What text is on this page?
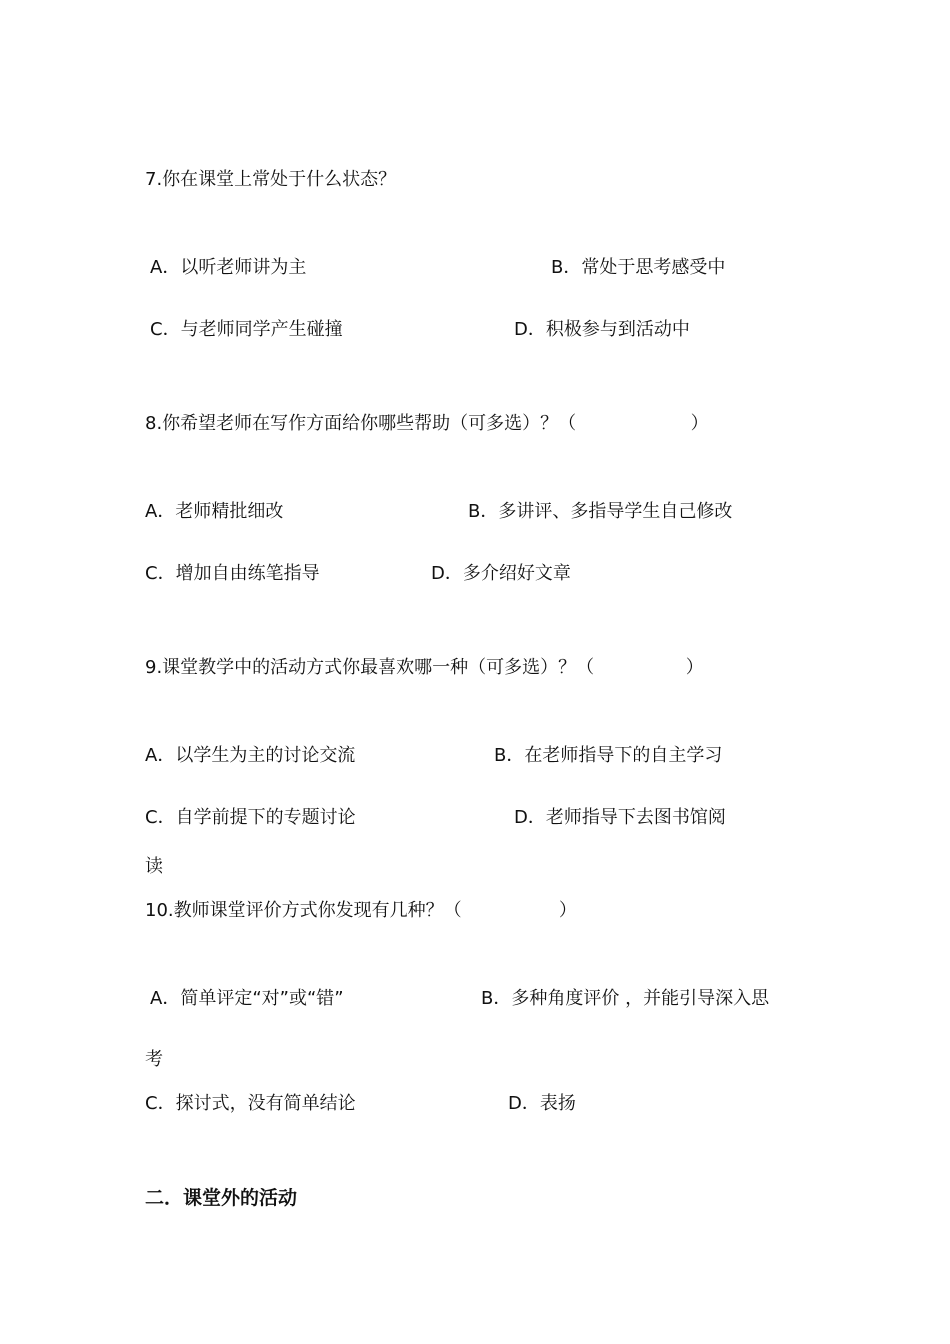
7.你在课堂上常处于什么状态？
A．以听老师讲为主	B．常处于思考感受中
C．与老师同学产生碰撞	D．积极参与到活动中
8.你希望老师在写作方面给你哪些帮助（可多选）？（                    ）
A．老师精批细改	B．多讲评、多指导学生自己修改
C．增加自由练笔指导	D．多介绍好文章
9.课堂教学中的活动方式你最喜欢哪一种（可多选）？（                ）
A．以学生为主的讨论交流	B．在老师指导下的自主学习
C．自学前提下的专题讨论	D．老师指导下去图书馆阅
读
10.教师课堂评价方式你发现有几种？（                 ）
A．简单评定“对”或“错”	B．多种角度评价 ，并能引导深入思
考
C．探讨式，没有简单结论	D．表扬
二．课堂外的活动
